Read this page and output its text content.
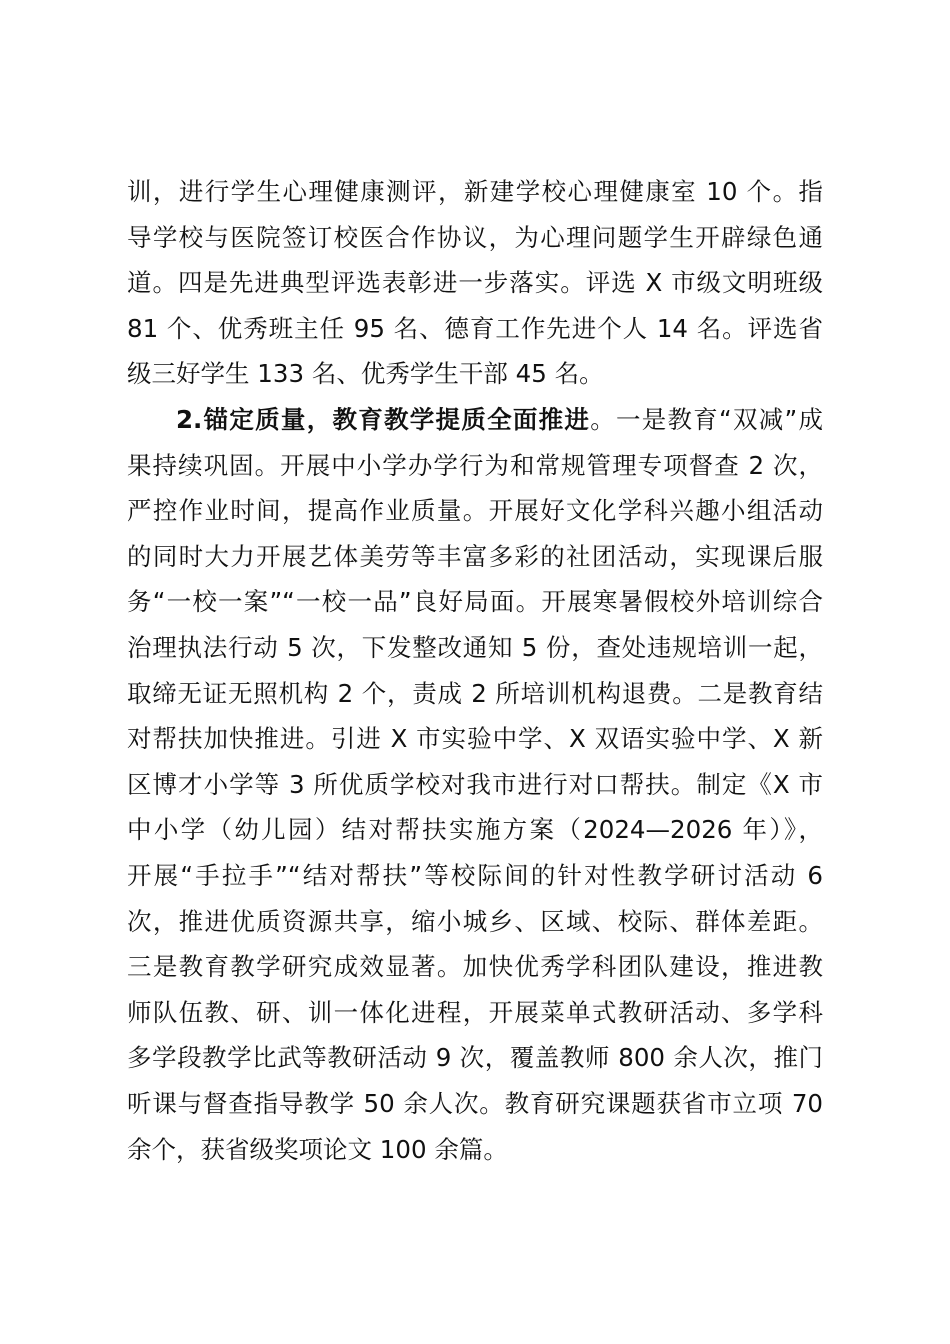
训，进行学生心理健康测评，新建学校心理健康室 10 个。指
导学校与医院签订校医合作协议，为心理问题学生开辟绿色通
道。四是先进典型评选表彰进一步落实。评选 X 市级文明班级
81 个、优秀班主任 95 名、德育工作先进个人 14 名。评选省
级三好学生 133 名、优秀学生干部 45 名。
2.锚定质量，教育教学提质全面推进。一是教育“双减”成
果持续巩固。开展中小学办学行为和常规管理专项督查 2 次，
严控作业时间，提高作业质量。开展好文化学科兴趣小组活动
的同时大力开展艺体美劳等丰富多彩的社团活动，实现课后服
务“一校一案”“一校一品”良好局面。开展寒暑假校外培训综合
治理执法行动 5 次，下发整改通知 5 份，查处违规培训一起，
取缔无证无照机构 2 个，责成 2 所培训机构退费。二是教育结
对帮扶加快推进。引进 X 市实验中学、X 双语实验中学、X 新
区博才小学等 3 所优质学校对我市进行对口帮扶。制定《X 市
中小学（幼儿园）结对帮扶实施方案（2024—2026 年）》，
开展“手拉手”“结对帮扶”等校际间的针对性教学研讨活动 6
次，推进优质资源共享，缩小城乡、区域、校际、群体差距。
三是教育教学研究成效显著。加快优秀学科团队建设，推进教
师队伍教、研、训一体化进程，开展菜单式教研活动、多学科
多学段教学比武等教研活动 9 次，覆盖教师 800 余人次，推门
听课与督查指导教学 50 余人次。教育研究课题获省市立项 70
余个，获省级奖项论文 100 余篇。
